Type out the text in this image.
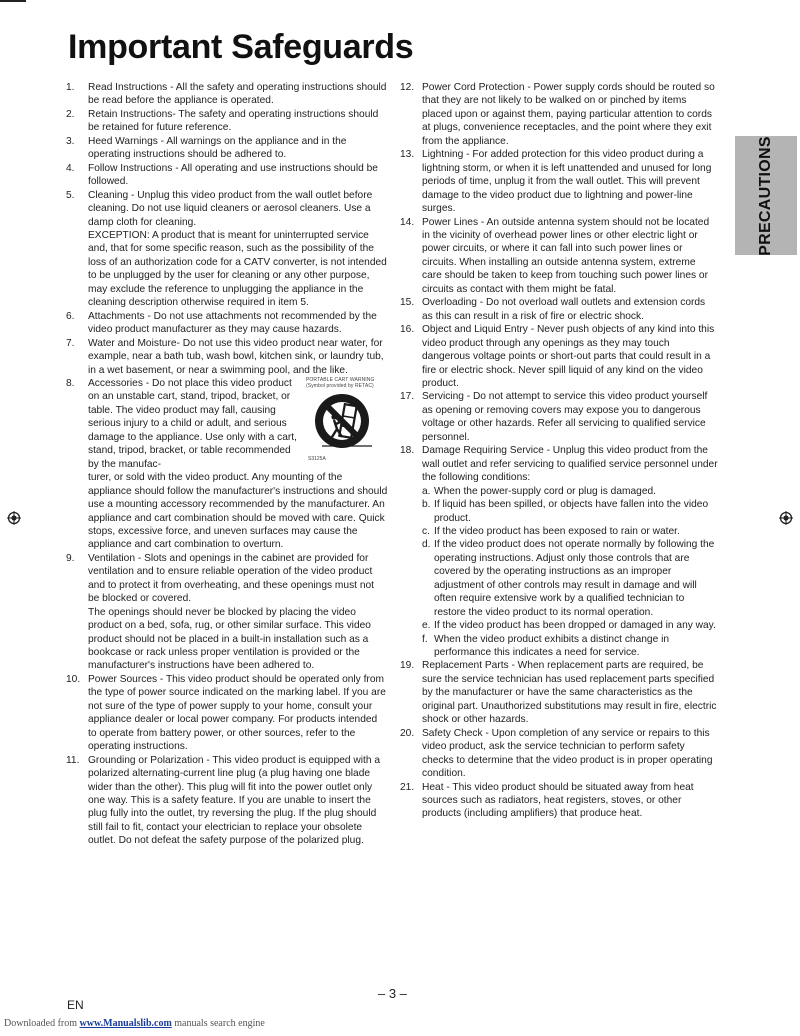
Important Safeguards
1.	Read Instructions - All the safety and operating instructions should be read before the appliance is operated.
2.	Retain Instructions- The safety and operating instructions should be retained for future reference.
3.	Heed Warnings - All warnings on the appliance and in the operating instructions should be adhered to.
4.	Follow Instructions - All operating and use instructions should be followed.
5.	Cleaning - Unplug this video product from the wall outlet before cleaning. Do not use liquid cleaners or aerosol cleaners. Use a damp cloth for cleaning.
EXCEPTION: A product that is meant for uninterrupted service and, that for some specific reason, such as the possibility of the loss of an authorization code for a CATV converter, is not intended to be unplugged by the user for cleaning or any other purpose, may exclude the reference to unplugging the appliance in the cleaning description otherwise required in item 5.
6.	Attachments - Do not use attachments not recommended by the video product manufacturer as they may cause hazards.
7.	Water and Moisture- Do not use this video product near water, for example, near a bath tub, wash bowl, kitchen sink, or laundry tub, in a wet basement, or near a swimming pool, and the like.
8.	PORTABLE CART WARNING
(Symbol provided by RETAC)
S3125A
Accessories - Do not place this video product on an unstable cart, stand, tripod, bracket, or table. The video product may fall, causing serious injury to a child or adult, and serious damage to the appliance. Use only with a cart, stand, tripod, bracket, or table recommended by the manufac-
turer, or sold with the video product. Any mounting of the appliance should follow the manufacturer's instructions and should use a mounting accessory recommended by the manufacturer. An appliance and cart combination should be moved with care. Quick stops, excessive force, and uneven surfaces may cause the appliance and cart combination to overturn.
9.	Ventilation - Slots and openings in the cabinet are provided for ventilation and to ensure reliable operation of the video product and to protect it from overheating, and these openings must not be blocked or covered.
The openings should never be blocked by placing the video product on a bed, sofa, rug, or other similar surface. This video product should not be placed in a built-in installation such as a bookcase or rack unless proper ventilation is provided or the manufacturer's instructions have been adhered to.
10. Power Sources - This video product should be operated only from the type of power source indicated on the marking label. If you are not sure of the type of power supply to your home, consult your appliance dealer or local power company. For products intended to operate from battery power, or other sources, refer to the operating instructions.
11. Grounding or Polarization - This video product is equipped with a polarized alternating-current line plug (a plug having one blade wider than the other). This plug will fit into the power outlet only one way. This is a safety feature. If you are unable to insert the plug fully into the outlet, try reversing the plug. If the plug should still fail to fit, contact your electrician to replace your obsolete outlet. Do not defeat the safety purpose of the polarized plug.
12. Power Cord Protection - Power supply cords should be routed so that they are not likely to be walked on or pinched by items placed upon or against them, paying particular attention to cords at plugs, convenience receptacles, and the point where they exit from the appliance.
13. Lightning - For added protection for this video product during a lightning storm, or when it is left unattended and unused for long periods of time, unplug it from the wall outlet. This will prevent damage to the video product due to lightning and power-line surges.
14. Power Lines - An outside antenna system should not be located in the vicinity of overhead power lines or other electric light or power circuits, or where it can fall into such power lines or circuits. When installing an outside antenna system, extreme care should be taken to keep from touching such power lines or circuits as contact with them might be fatal.
15. Overloading - Do not overload wall outlets and extension cords as this can result in a risk of fire or electric shock.
16. Object and Liquid Entry - Never push objects of any kind into this video product through any openings as they may touch dangerous voltage points or short-out parts that could result in a fire or electric shock. Never spill liquid of any kind on the video product.
17. Servicing - Do not attempt to service this video product yourself as opening or removing covers may expose you to dangerous voltage or other hazards. Refer all servicing to qualified service personnel.
18. Damage Requiring Service - Unplug this video product from the wall outlet and refer servicing to qualified service personnel under the following conditions:
a. When the power-supply cord or plug is damaged.
b. If liquid has been spilled, or objects have fallen into the video product.
c. If the video product has been exposed to rain or water.
d. If the video product does not operate normally by following the operating instructions. Adjust only those controls that are covered by the operating instructions as an improper adjustment of other controls may result in damage and will often require extensive work by a qualified technician to restore the video product to its normal operation.
e. If the video product has been dropped or damaged in any way.
f. When the video product exhibits a distinct change in performance this indicates a need for service.
19. Replacement Parts - When replacement parts are required, be sure the service technician has used replacement parts specified by the manufacturer or have the same characteristics as the original part. Unauthorized substitutions may result in fire, electric shock or other hazards.
20. Safety Check - Upon completion of any service or repairs to this video product, ask the service technician to perform safety checks to determine that the video product is in proper operating condition.
21. Heat - This video product should be situated away from heat sources such as radiators, heat registers, stoves, or other products (including amplifiers) that produce heat.
PRECAUTIONS
– 3 –
EN
Downloaded from www.Manualslib.com manuals search engine
